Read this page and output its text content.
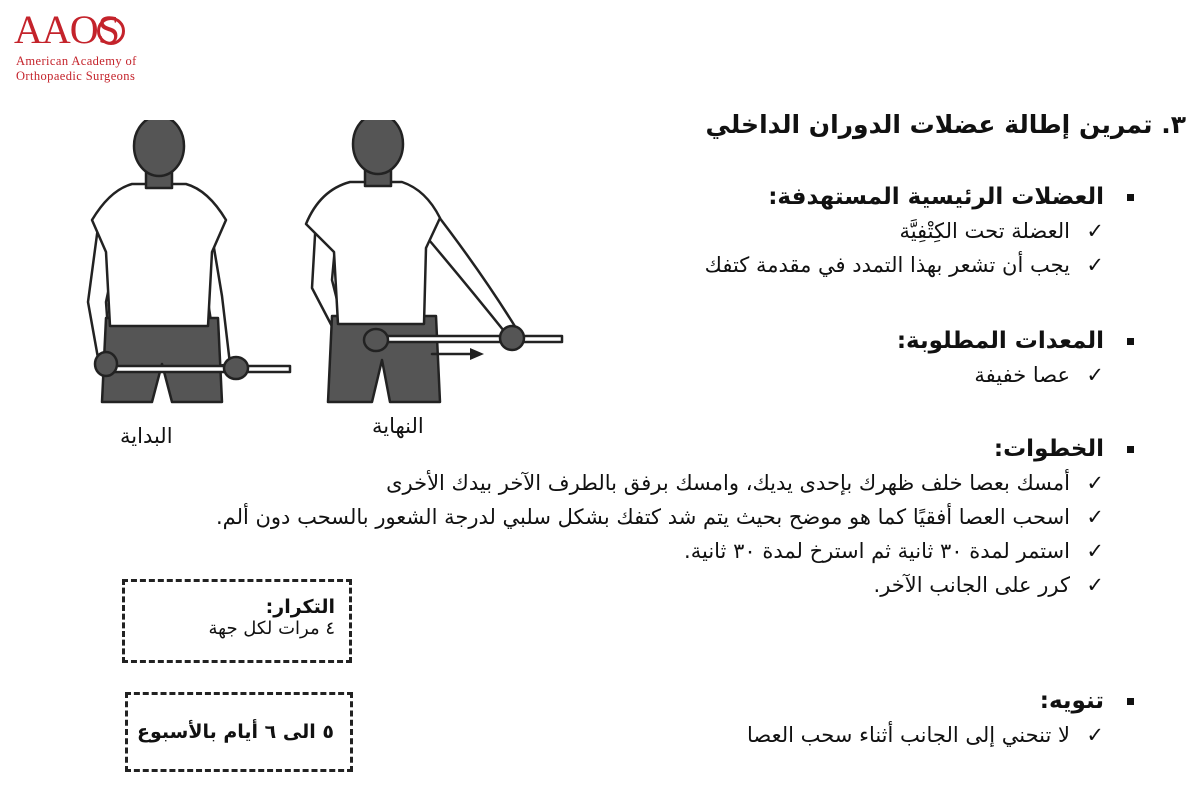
AAOS
American Academy of
Orthopaedic Surgeons
٣. تمرين إطالة عضلات الدوران الداخلي
العضلات الرئيسية المستهدفة:
✓
العضلة تحت الكِتْفِيَّة
✓
يجب أن تشعر بهذا التمدد في مقدمة كتفك
المعدات المطلوبة:
✓
عصا خفيفة
الخطوات:
✓
أمسك بعصا خلف ظهرك بإحدى يديك، وامسك برفق بالطرف الآخر بيدك الأخرى
✓
اسحب العصا أفقيًا كما هو موضح بحيث يتم شد كتفك بشكل سلبي لدرجة الشعور بالسحب دون ألم.
✓
استمر لمدة ٣٠ ثانية ثم استرخ لمدة ٣٠ ثانية.
✓
كرر على الجانب الآخر.
تنويه:
✓
لا تنحني إلى الجانب أثناء سحب العصا
البداية	النهاية
التكرار:
٤ مرات لكل جهة
٥ الى ٦ أيام بالأسبوع
